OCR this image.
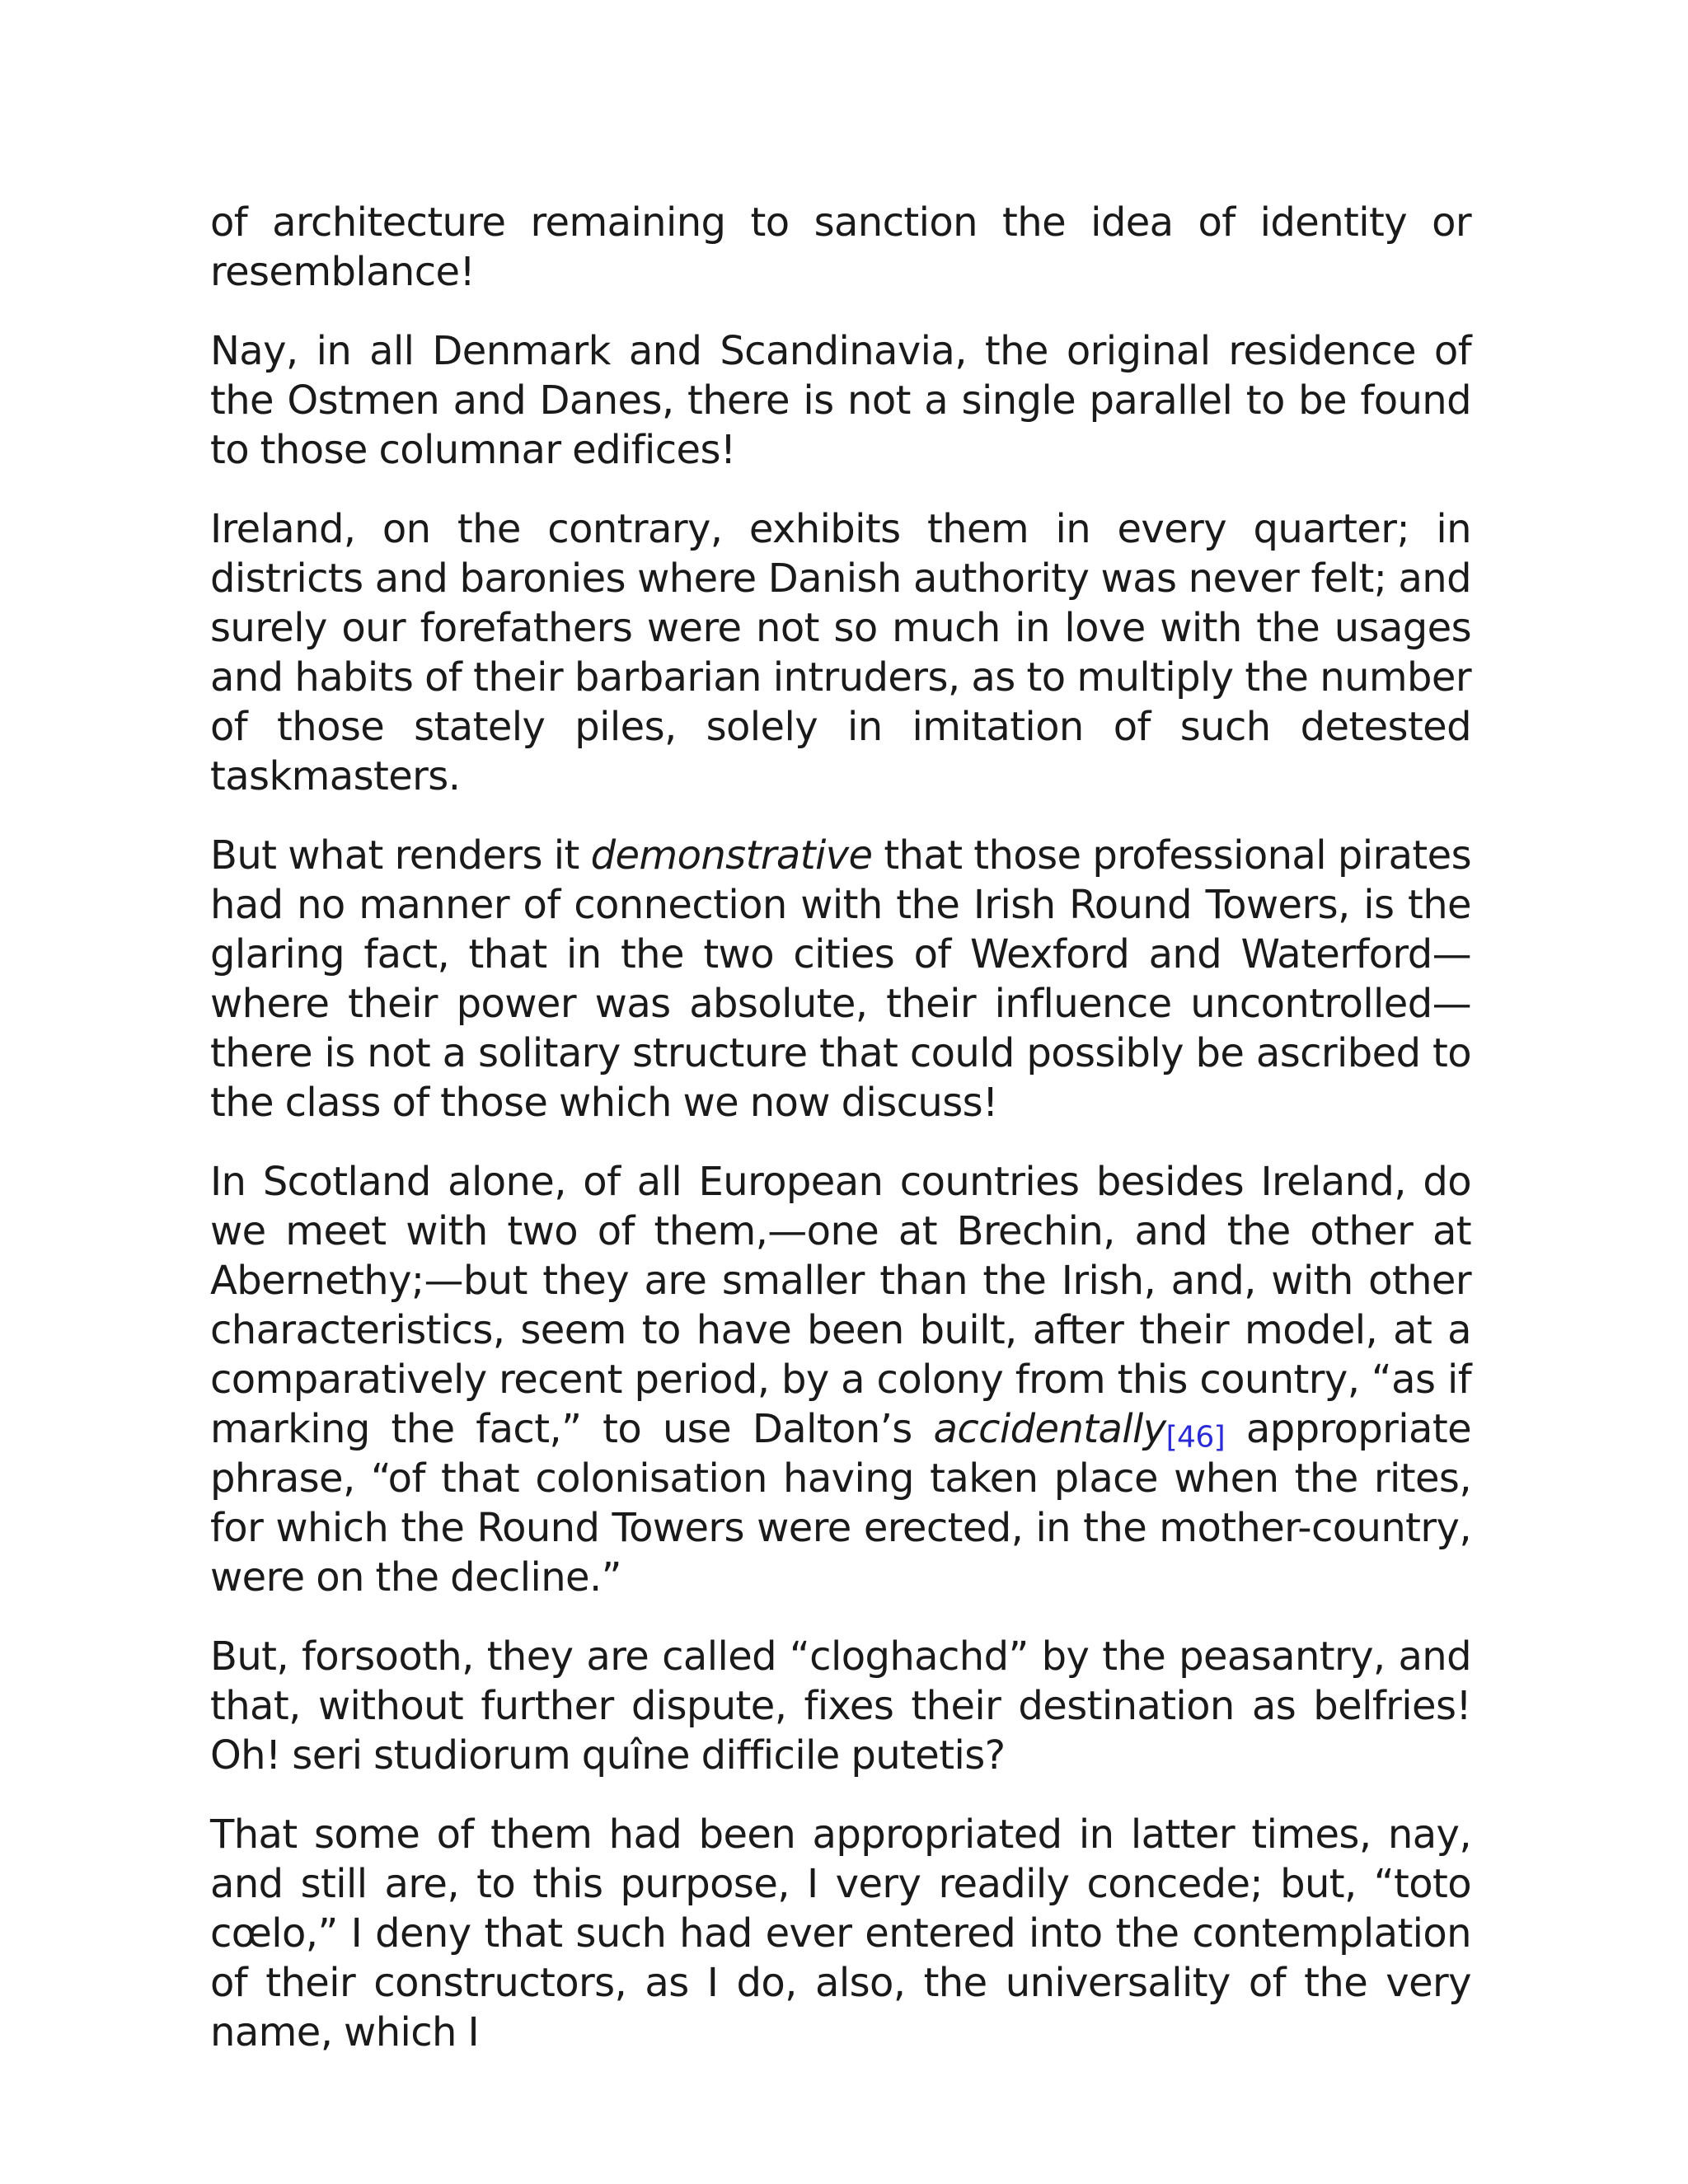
of architecture remaining to sanction the idea of identity or resemblance!

Nay, in all Denmark and Scandinavia, the original residence of the Ostmen and Danes, there is not a single parallel to be found to those columnar edifices!

Ireland, on the contrary, exhibits them in every quarter; in districts and baronies where Danish authority was never felt; and surely our forefathers were not so much in love with the usages and habits of their barbarian intruders, as to multiply the number of those stately piles, solely in imitation of such detested taskmasters.

But what renders it demonstrative that those professional pirates had no manner of connection with the Irish Round Towers, is the glaring fact, that in the two cities of Wexford and Waterford—where their power was absolute, their influence uncontrolled—there is not a solitary structure that could possibly be ascribed to the class of those which we now discuss!

In Scotland alone, of all European countries besides Ireland, do we meet with two of them,—one at Brechin, and the other at Abernethy;—but they are smaller than the Irish, and, with other characteristics, seem to have been built, after their model, at a comparatively recent period, by a colony from this country, “as if marking the fact,” to use Dalton’s accidentally[46] appropriate phrase, “of that colonisation having taken place when the rites, for which the Round Towers were erected, in the mother-country, were on the decline.”

But, forsooth, they are called “cloghachd” by the peasantry, and that, without further dispute, fixes their destination as belfries! Oh! seri studiorum quîne difficile putetis?

That some of them had been appropriated in latter times, nay, and still are, to this purpose, I very readily concede; but, “toto cœlo,” I deny that such had ever entered into the contemplation of their constructors, as I do, also, the universality of the very name, which I
